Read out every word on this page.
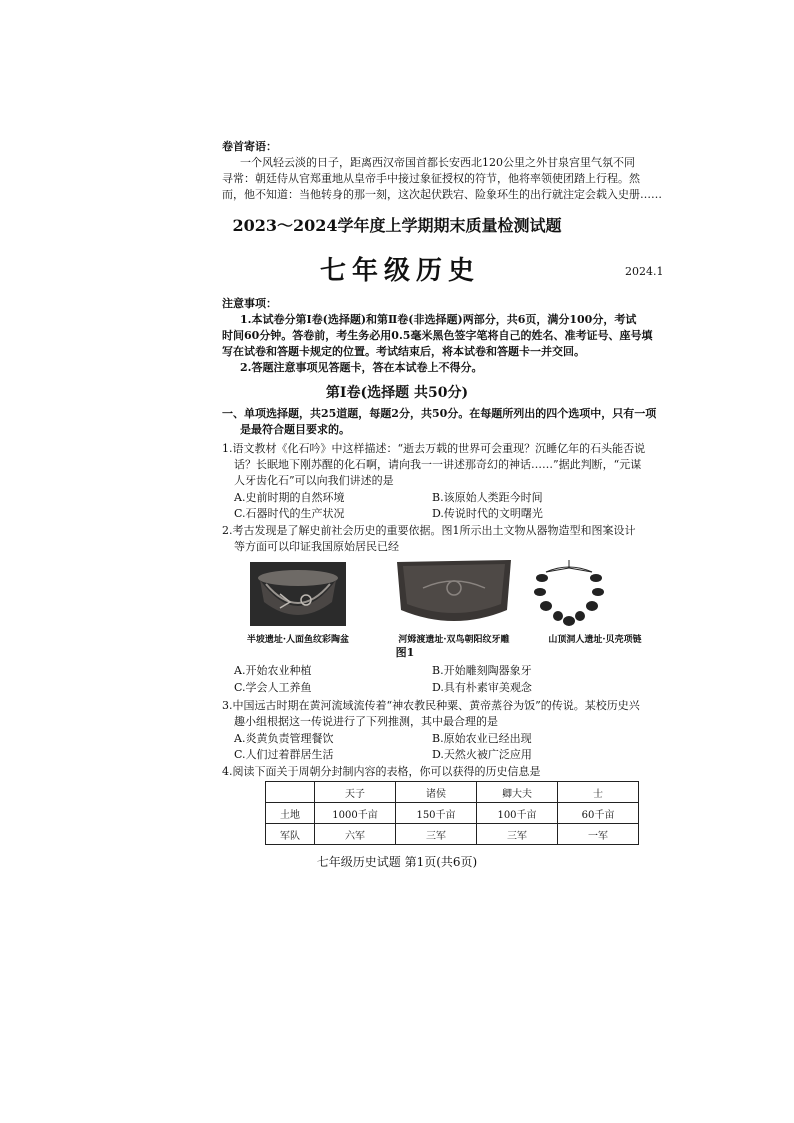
卷首寄语：
一个风轻云淡的日子，距离西汉帝国首都长安西北120公里之外甘泉宫里气氛不同
寻常：朝廷侍从官郑重地从皇帝手中接过象征授权的符节，他将率领使团踏上行程。然
而，他不知道：当他转身的那一刻，这次起伏跌宕、险象环生的出行就注定会载入史册……
2023～2024学年度上学期期末质量检测试题
七年级历史	2024.1
注意事项：
1.本试卷分第Ⅰ卷(选择题)和第Ⅱ卷(非选择题)两部分，共6页，满分100分，考试
时间60分钟。答卷前，考生务必用0.5毫米黑色签字笔将自己的姓名、准考证号、座号填
写在试卷和答题卡规定的位置。考试结束后，将本试卷和答题卡一并交回。
2.答题注意事项见答题卡，答在本试卷上不得分。
第Ⅰ卷(选择题 共50分)
一、单项选择题，共25道题，每题2分，共50分。在每题所列出的四个选项中，只有一项
是最符合题目要求的。
1.语文教材《化石吟》中这样描述：“逝去万载的世界可会重现？沉睡亿年的石头能否说
话？长眠地下刚苏醒的化石啊，请向我一一讲述那奇幻的神话……”据此判断，“元谋
人牙齿化石”可以向我们讲述的是
A.史前时期的自然环境	B.该原始人类距今时间
C.石器时代的生产状况	D.传说时代的文明曙光
2.考古发现是了解史前社会历史的重要依据。图1所示出土文物从器物造型和图案设计
等方面可以印证我国原始居民已经
半坡遗址·人面鱼纹彩陶盆	河姆渡遗址·双鸟朝阳纹牙雕	山顶洞人遗址·贝壳项链
图1
A.开始农业种植	B.开始雕刻陶器象牙
C.学会人工养鱼	D.具有朴素审美观念
3.中国远古时期在黄河流域流传着“神农教民种粟、黄帝蒸谷为饭”的传说。某校历史兴
趣小组根据这一传说进行了下列推测，其中最合理的是
A.炎黄负责管理餐饮	B.原始农业已经出现
C.人们过着群居生活	D.天然火被广泛应用
4.阅读下面关于周朝分封制内容的表格，你可以获得的历史信息是
	天子	诸侯	卿大夫	士
土地	1000千亩	150千亩	100千亩	60千亩
军队	六军	三军	三军	一军
七年级历史试题 第1页(共6页)
